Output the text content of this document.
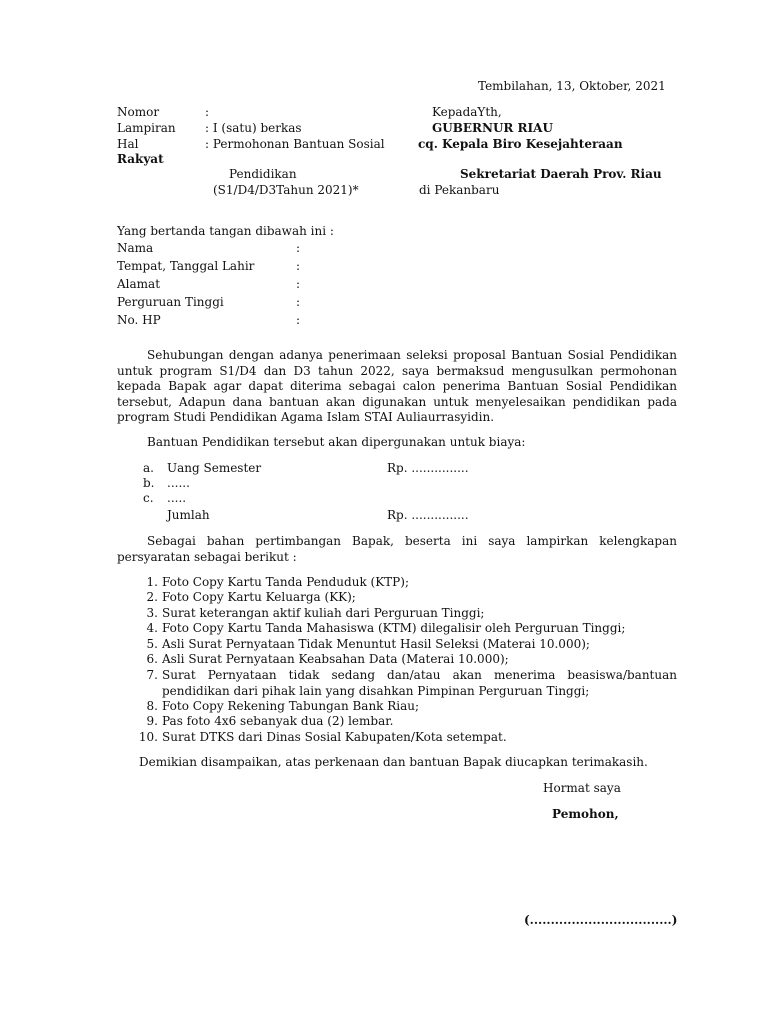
Tembilahan, 13, Oktober, 2021
Nomor	:
Lampiran : I (satu) berkas
Hal	: Permohonan Bantuan Sosial
Pendidikan
(S1/D4/D3Tahun 2021)*
KepadaYth,
GUBERNUR RIAU
cq. Kepala Biro Kesejahteraan
Rakyat
Sekretariat Daerah Prov. Riau
di Pekanbaru
Yang bertanda tangan dibawah ini :
Nama	:
Tempat, Tanggal Lahir	:
Alamat	:
Perguruan Tinggi	:
No. HP	:
Sehubungan dengan adanya penerimaan seleksi proposal Bantuan Sosial Pendidikan untuk program S1/D4 dan D3 tahun 2022, saya bermaksud mengusulkan permohonan kepada Bapak agar dapat diterima sebagai calon penerima Bantuan Sosial Pendidikan tersebut, Adapun dana bantuan akan digunakan untuk menyelesaikan pendidikan pada program Studi Pendidikan Agama Islam STAI Auliaurrasyidin.
Bantuan Pendidikan tersebut akan dipergunakan untuk biaya:
a. Uang Semester	Rp. ...............
b. ......
c. .....
Jumlah	Rp. ...............
Sebagai bahan pertimbangan Bapak, beserta ini saya lampirkan kelengkapan persyaratan sebagai berikut :
1. Foto Copy Kartu Tanda Penduduk (KTP);
2. Foto Copy Kartu Keluarga (KK);
3. Surat keterangan aktif kuliah dari Perguruan Tinggi;
4. Foto Copy Kartu Tanda Mahasiswa (KTM) dilegalisir oleh Perguruan Tinggi;
5. Asli Surat Pernyataan Tidak Menuntut Hasil Seleksi (Materai 10.000);
6. Asli Surat Pernyataan Keabsahan Data (Materai 10.000);
7. Surat Pernyataan tidak sedang dan/atau akan menerima beasiswa/bantuan pendidikan dari pihak lain yang disahkan Pimpinan Perguruan Tinggi;
8. Foto Copy Rekening Tabungan Bank Riau;
9. Pas foto 4x6 sebanyak dua (2) lembar.
10. Surat DTKS dari Dinas Sosial Kabupaten/Kota setempat.
Demikian disampaikan, atas perkenaan dan bantuan Bapak diucapkan terimakasih.
Hormat saya
Pemohon,
(..................................)
